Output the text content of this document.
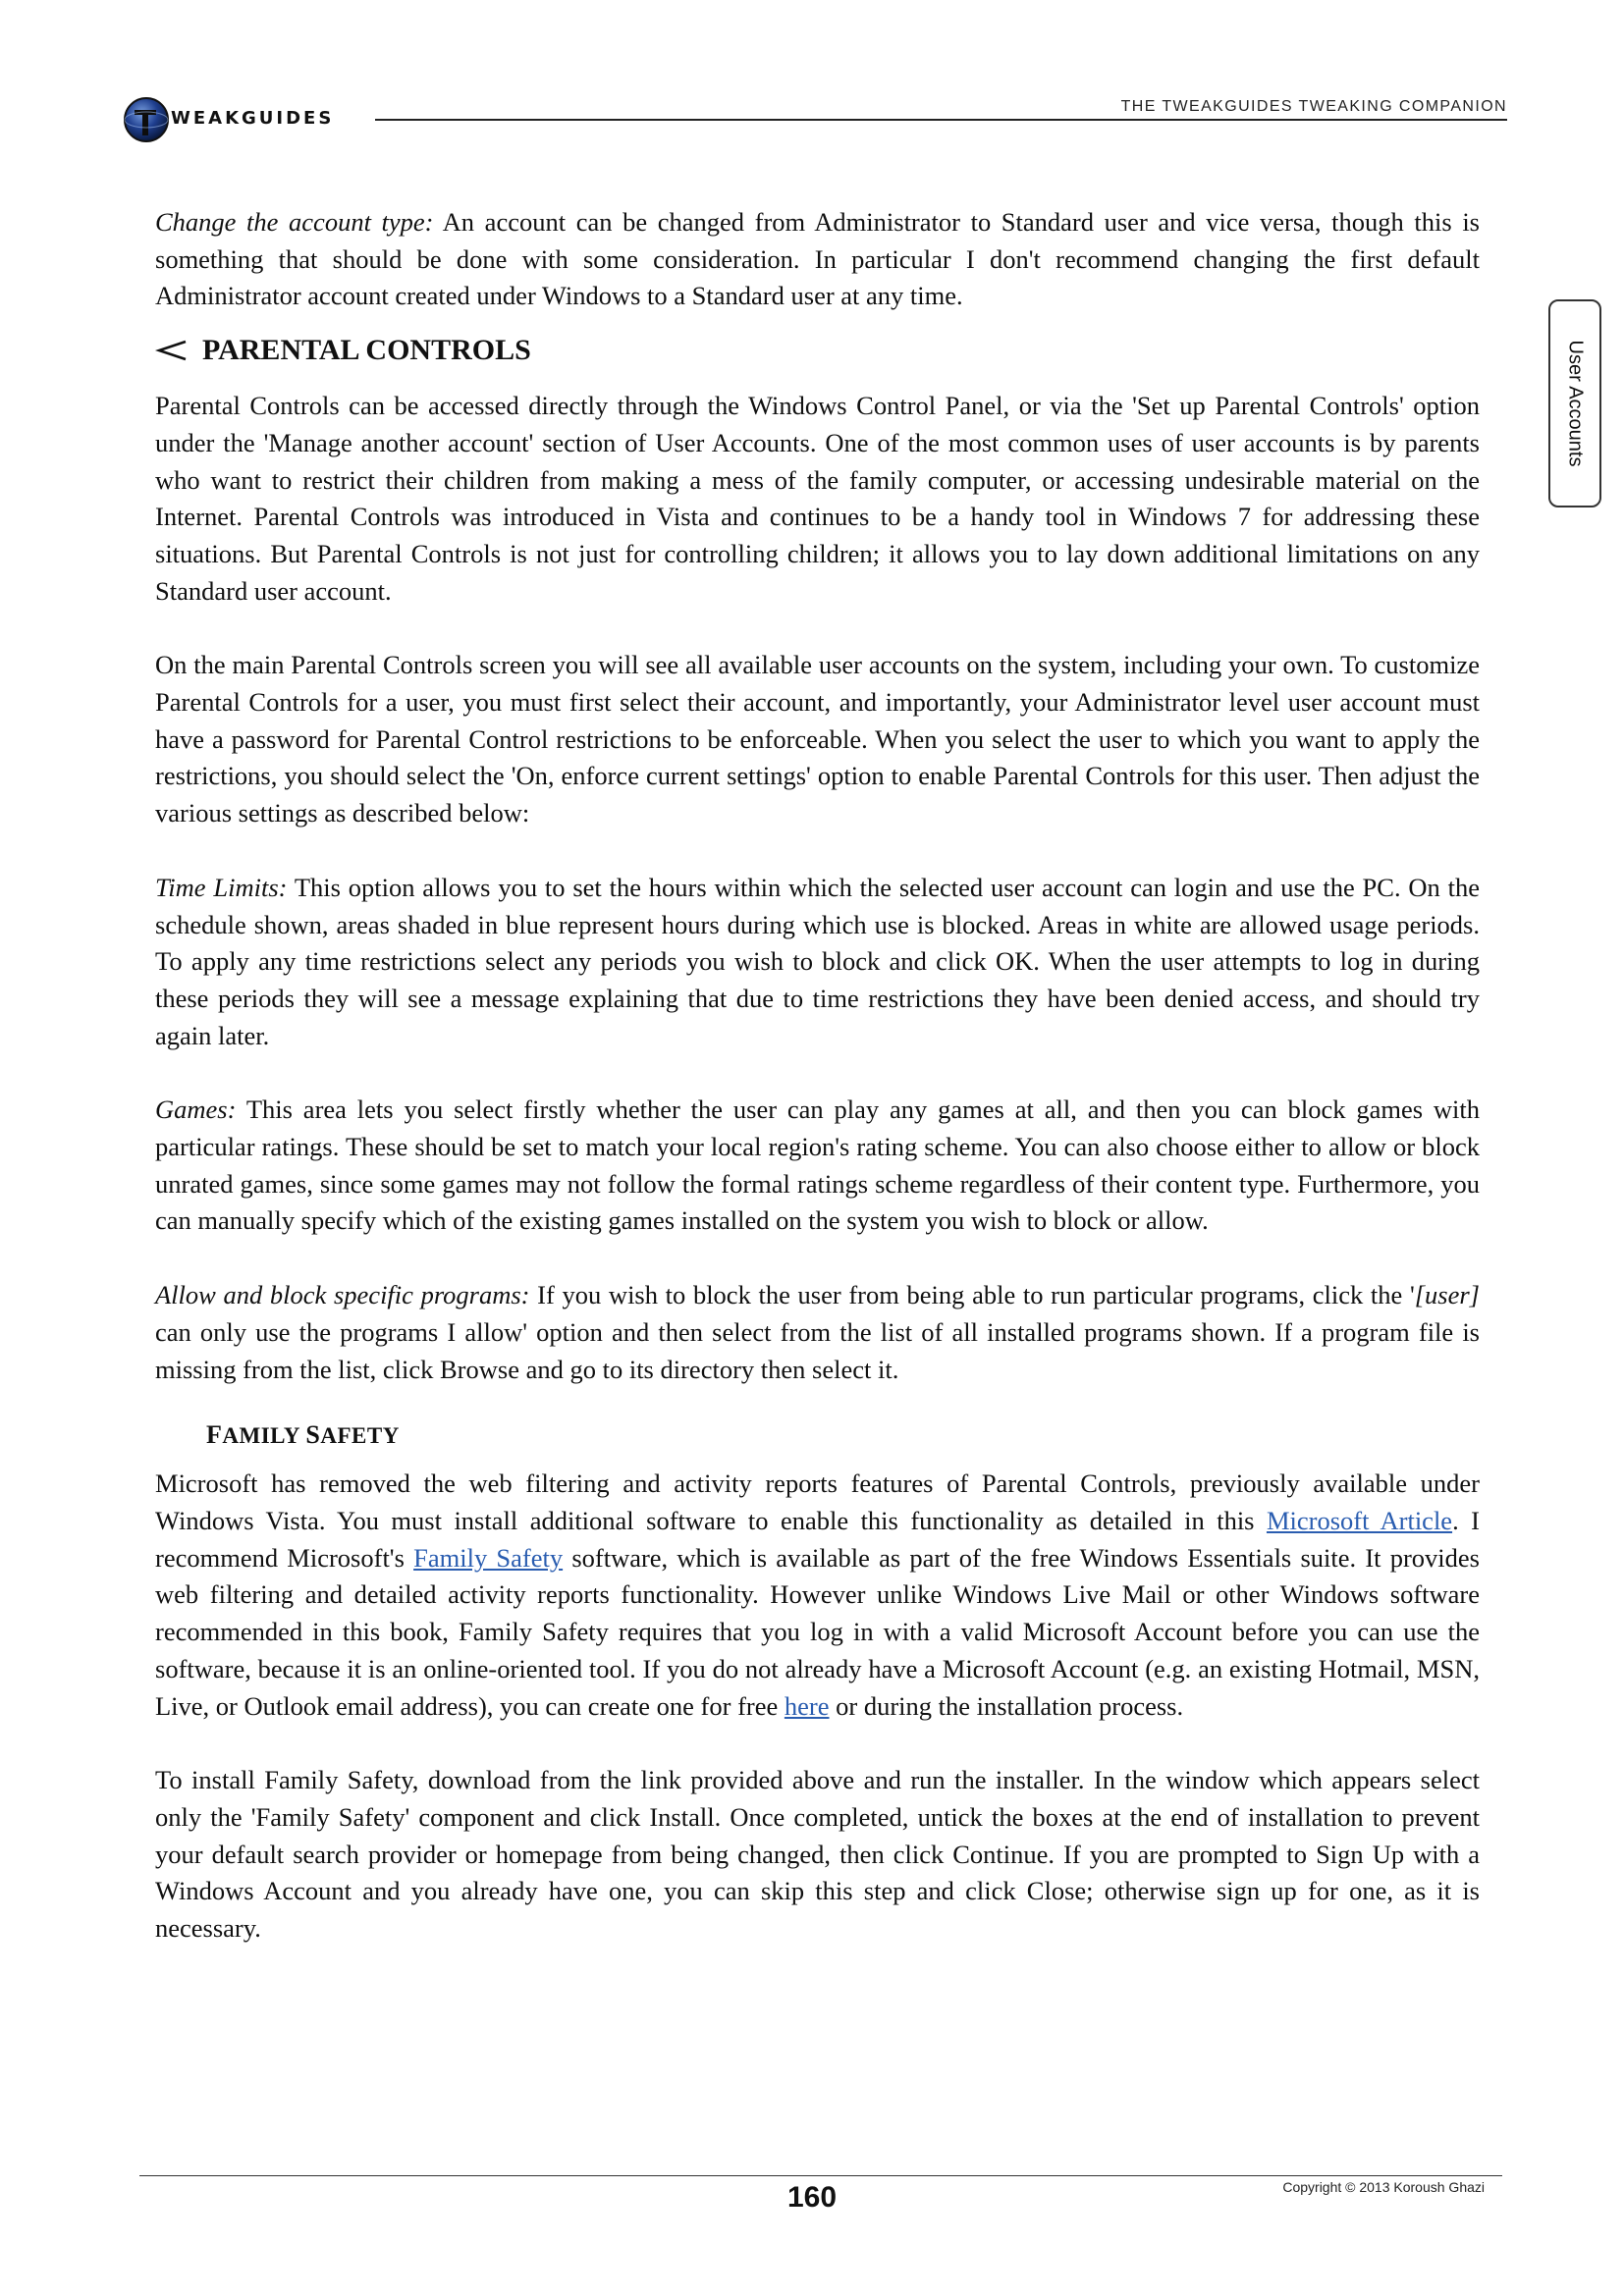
WEAKGUIDES
THE TWEAKGUIDES TWEAKING COMPANION
User Accounts

Change the account type: An account can be changed from Administrator to Standard user and vice versa, though this is something that should be done with some consideration. In particular I don't recommend changing the first default Administrator account created under Windows to a Standard user at any time.

PARENTAL CONTROLS

Parental Controls can be accessed directly through the Windows Control Panel, or via the 'Set up Parental Controls' option under the 'Manage another account' section of User Accounts. One of the most common uses of user accounts is by parents who want to restrict their children from making a mess of the family computer, or accessing undesirable material on the Internet. Parental Controls was introduced in Vista and continues to be a handy tool in Windows 7 for addressing these situations. But Parental Controls is not just for controlling children; it allows you to lay down additional limitations on any Standard user account.

On the main Parental Controls screen you will see all available user accounts on the system, including your own. To customize Parental Controls for a user, you must first select their account, and importantly, your Administrator level user account must have a password for Parental Control restrictions to be enforceable. When you select the user to which you want to apply the restrictions, you should select the 'On, enforce current settings' option to enable Parental Controls for this user. Then adjust the various settings as described below:

Time Limits: This option allows you to set the hours within which the selected user account can login and use the PC. On the schedule shown, areas shaded in blue represent hours during which use is blocked. Areas in white are allowed usage periods. To apply any time restrictions select any periods you wish to block and click OK. When the user attempts to log in during these periods they will see a message explaining that due to time restrictions they have been denied access, and should try again later.

Games: This area lets you select firstly whether the user can play any games at all, and then you can block games with particular ratings. These should be set to match your local region's rating scheme. You can also choose either to allow or block unrated games, since some games may not follow the formal ratings scheme regardless of their content type. Furthermore, you can manually specify which of the existing games installed on the system you wish to block or allow.

Allow and block specific programs: If you wish to block the user from being able to run particular programs, click the '[user] can only use the programs I allow' option and then select from the list of all installed programs shown. If a program file is missing from the list, click Browse and go to its directory then select it.

FAMILY SAFETY

Microsoft has removed the web filtering and activity reports features of Parental Controls, previously available under Windows Vista. You must install additional software to enable this functionality as detailed in this Microsoft Article. I recommend Microsoft's Family Safety software, which is available as part of the free Windows Essentials suite. It provides web filtering and detailed activity reports functionality. However unlike Windows Live Mail or other Windows software recommended in this book, Family Safety requires that you log in with a valid Microsoft Account before you can use the software, because it is an online-oriented tool. If you do not already have a Microsoft Account (e.g. an existing Hotmail, MSN, Live, or Outlook email address), you can create one for free here or during the installation process.

To install Family Safety, download from the link provided above and run the installer. In the window which appears select only the 'Family Safety' component and click Install. Once completed, untick the boxes at the end of installation to prevent your default search provider or homepage from being changed, then click Continue. If you are prompted to Sign Up with a Windows Account and you already have one, you can skip this step and click Close; otherwise sign up for one, as it is necessary.

160	Copyright © 2013 Koroush Ghazi
